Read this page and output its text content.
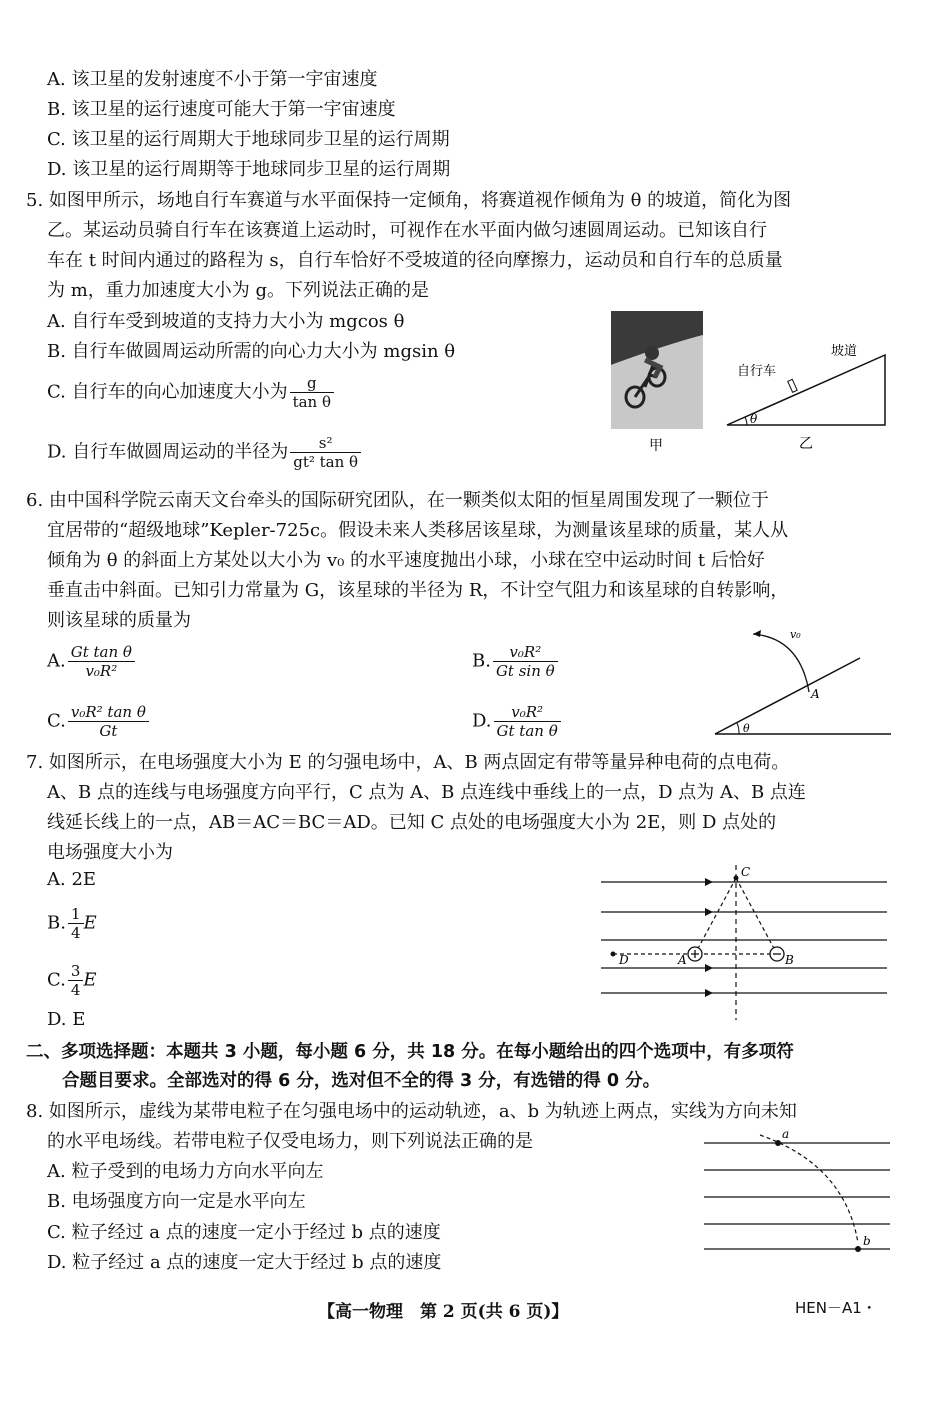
A. 该卫星的发射速度不小于第一宇宙速度
B. 该卫星的运行速度可能大于第一宇宙速度
C. 该卫星的运行周期大于地球同步卫星的运行周期
D. 该卫星的运行周期等于地球同步卫星的运行周期
5. 如图甲所示，场地自行车赛道与水平面保持一定倾角，将赛道视作倾角为 θ 的坡道，简化为图
乙。某运动员骑自行车在该赛道上运动时，可视作在水平面内做匀速圆周运动。已知该自行
车在 t 时间内通过的路程为 s，自行车恰好不受坡道的径向摩擦力，运动员和自行车的总质量
为 m，重力加速度大小为 g。下列说法正确的是
A. 自行车受到坡道的支持力大小为 mgcos θ
B. 自行车做圆周运动所需的向心力大小为 mgsin θ
C. 自行车的向心加速度大小为 $\frac{g}{\text{tan θ}}$
D. 自行车做圆周运动的半径为 $\frac{\text{s²}}{\text{gt² tan θ}}$	甲
θ
自行车
坡道
乙
6. 由中国科学院云南天文台牵头的国际研究团队，在一颗类似太阳的恒星周围发现了一颗位于
宜居带的“超级地球”Kepler-725c。假设未来人类移居该星球，为测量该星球的质量，某人从
倾角为 θ 的斜面上方某处以大小为 v₀ 的水平速度抛出小球，小球在空中运动时间 t 后恰好
垂直击中斜面。已知引力常量为 G，该星球的半径为 R，不计空气阻力和该星球的自转影响，
则该星球的质量为
A. $\frac{\text{Gt tan θ}}{\text{v₀R²}}$	B. $\frac{\text{v₀R²}}{\text{Gt sin θ}}$
C. $\frac{\text{v₀R² tan θ}}{Gt}$	D. $\frac{\text{v₀R²}}{\text{Gt tan θ}}$
v₀
A
θ
7. 如图所示，在电场强度大小为 E 的匀强电场中，A、B 两点固定有带等量异种电荷的点电荷。
A、B 点的连线与电场强度方向平行，C 点为 A、B 点连线中垂线上的一点，D 点为 A、B 点连
线延长线上的一点，AB＝AC＝BC＝AD。已知 C 点处的电场强度大小为 2E，则 D 点处的
电场强度大小为
A. 2E
B. $\frac{1}{4}$ E
C. $\frac{3}{4}$ E
D. E
C
D	A	B
二、多项选择题：本题共 3 小题，每小题 6 分，共 18 分。在每小题给出的四个选项中，有多项符
合题目要求。全部选对的得 6 分，选对但不全的得 3 分，有选错的得 0 分。
8. 如图所示，虚线为某带电粒子在匀强电场中的运动轨迹，a、b 为轨迹上两点，实线为方向未知
的水平电场线。若带电粒子仅受电场力，则下列说法正确的是
A. 粒子受到的电场力方向水平向左
B. 电场强度方向一定是水平向左
C. 粒子经过 a 点的速度一定小于经过 b 点的速度
D. 粒子经过 a 点的速度一定大于经过 b 点的速度
a
b
【高一物理　第 2 页(共 6 页)】	HEN－A1・
